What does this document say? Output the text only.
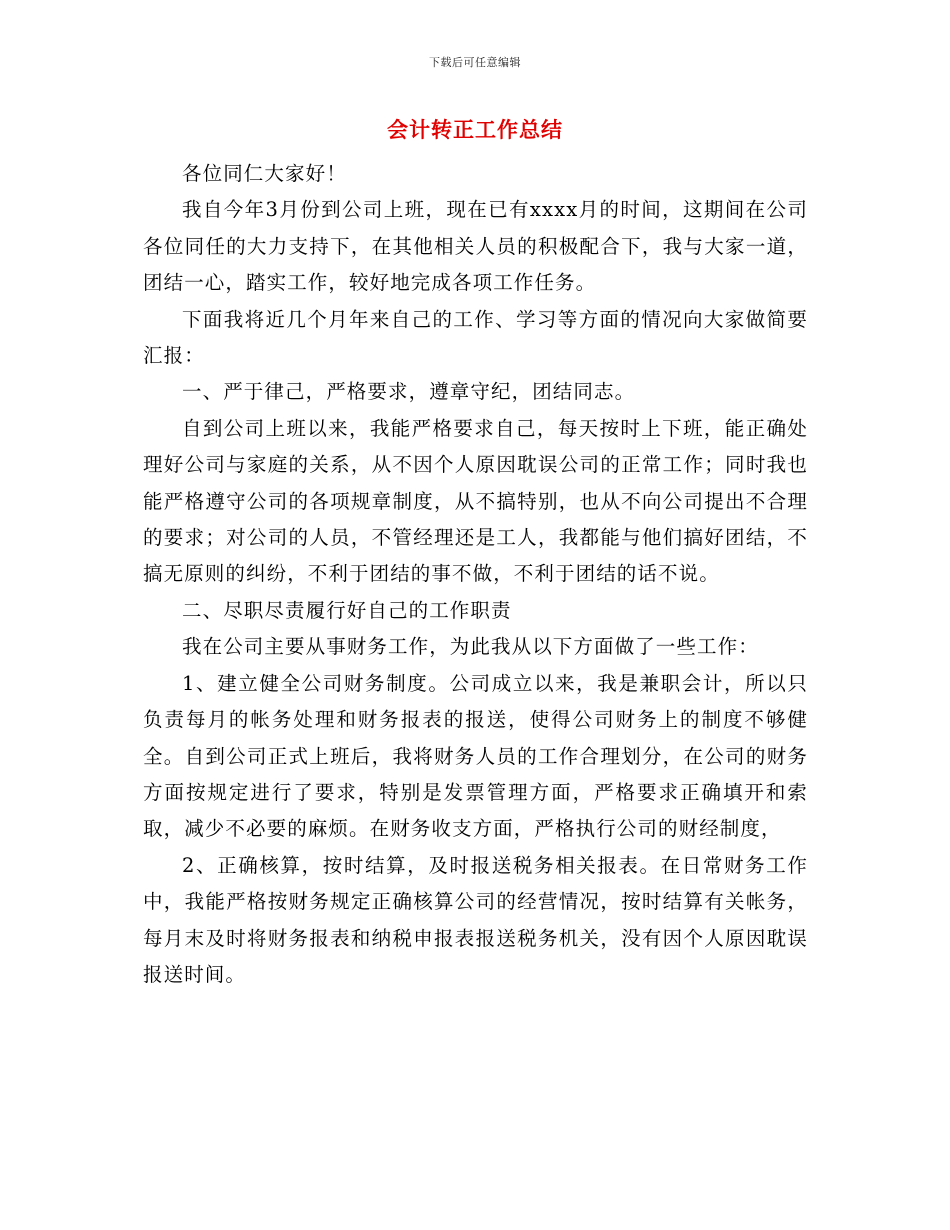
下载后可任意编辑
会计转正工作总结

各位同仁大家好！

我自今年3月份到公司上班，现在已有xxxx月的时间，这期间在公司各位同任的大力支持下，在其他相关人员的积极配合下，我与大家一道，团结一心，踏实工作，较好地完成各项工作任务。

下面我将近几个月年来自己的工作、学习等方面的情况向大家做简要汇报：

一、严于律己，严格要求，遵章守纪，团结同志。

自到公司上班以来，我能严格要求自己，每天按时上下班，能正确处理好公司与家庭的关系，从不因个人原因耽误公司的正常工作；同时我也能严格遵守公司的各项规章制度，从不搞特别，也从不向公司提出不合理的要求；对公司的人员，不管经理还是工人，我都能与他们搞好团结，不搞无原则的纠纷，不利于团结的事不做，不利于团结的话不说。

二、尽职尽责履行好自己的工作职责

我在公司主要从事财务工作，为此我从以下方面做了一些工作：

1、建立健全公司财务制度。公司成立以来，我是兼职会计，所以只负责每月的帐务处理和财务报表的报送，使得公司财务上的制度不够健全。自到公司正式上班后，我将财务人员的工作合理划分，在公司的财务方面按规定进行了要求，特别是发票管理方面，严格要求正确填开和索取，减少不必要的麻烦。在财务收支方面，严格执行公司的财经制度，

2、正确核算，按时结算，及时报送税务相关报表。在日常财务工作中，我能严格按财务规定正确核算公司的经营情况，按时结算有关帐务，每月末及时将财务报表和纳税申报表报送税务机关，没有因个人原因耽误报送时间。
